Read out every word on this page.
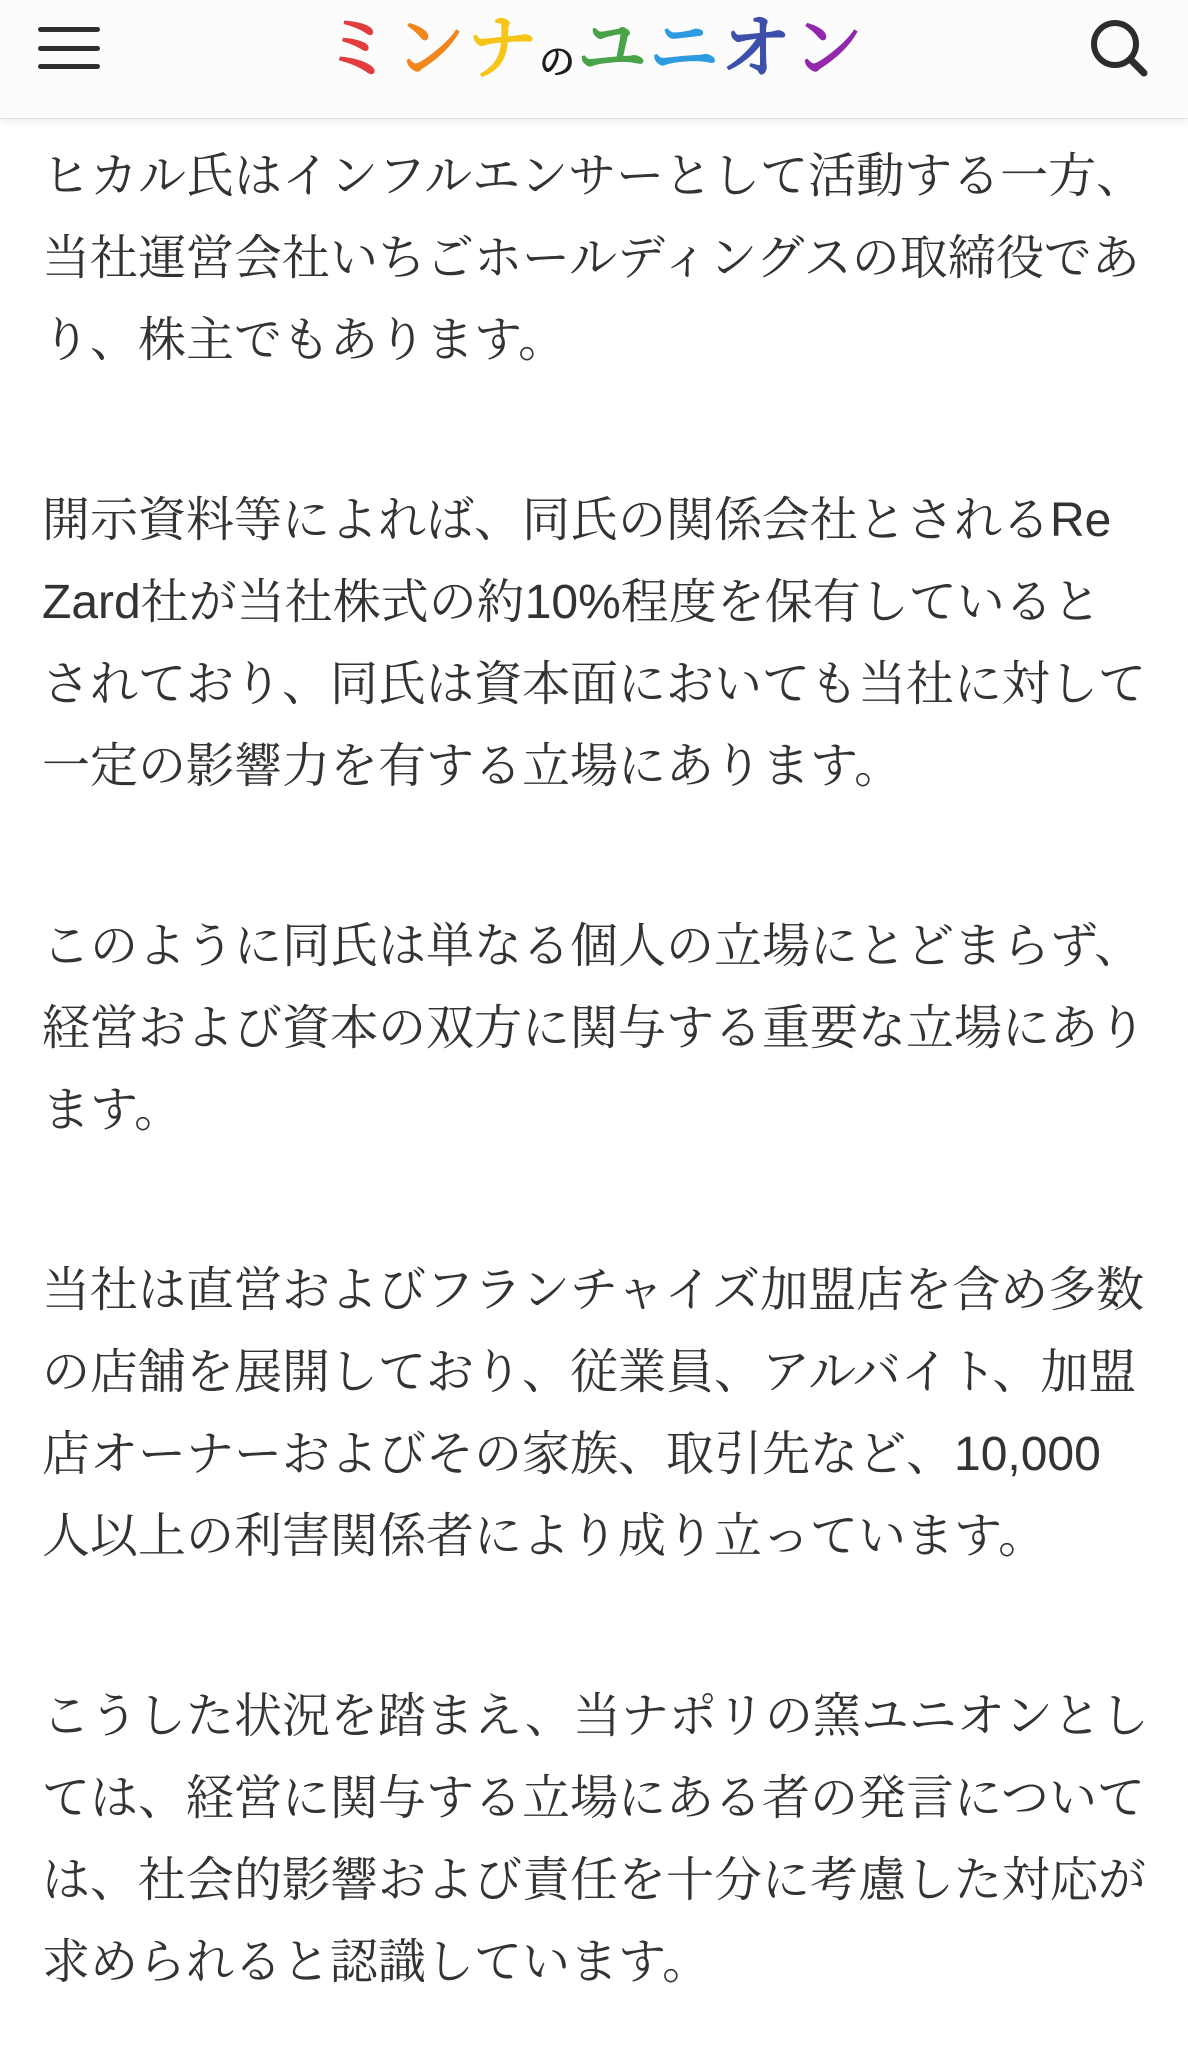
ミンナのユニオン

ヒカル氏はインフルエンサーとして活動する一方、
当社運営会社いちごホールディングスの取締役であ
り、株主でもあります。

開示資料等によれば、同氏の関係会社とされるRe
Zard社が当社株式の約10%程度を保有していると
されており、同氏は資本面においても当社に対して
一定の影響力を有する立場にあります。

このように同氏は単なる個人の立場にとどまらず、
経営および資本の双方に関与する重要な立場にあり
ます。

当社は直営およびフランチャイズ加盟店を含め多数
の店舗を展開しており、従業員、アルバイト、加盟
店オーナーおよびその家族、取引先など、10,000
人以上の利害関係者により成り立っています。

こうした状況を踏まえ、当ナポリの窯ユニオンとし
ては、経営に関与する立場にある者の発言について
は、社会的影響および責任を十分に考慮した対応が
求められると認識しています。
